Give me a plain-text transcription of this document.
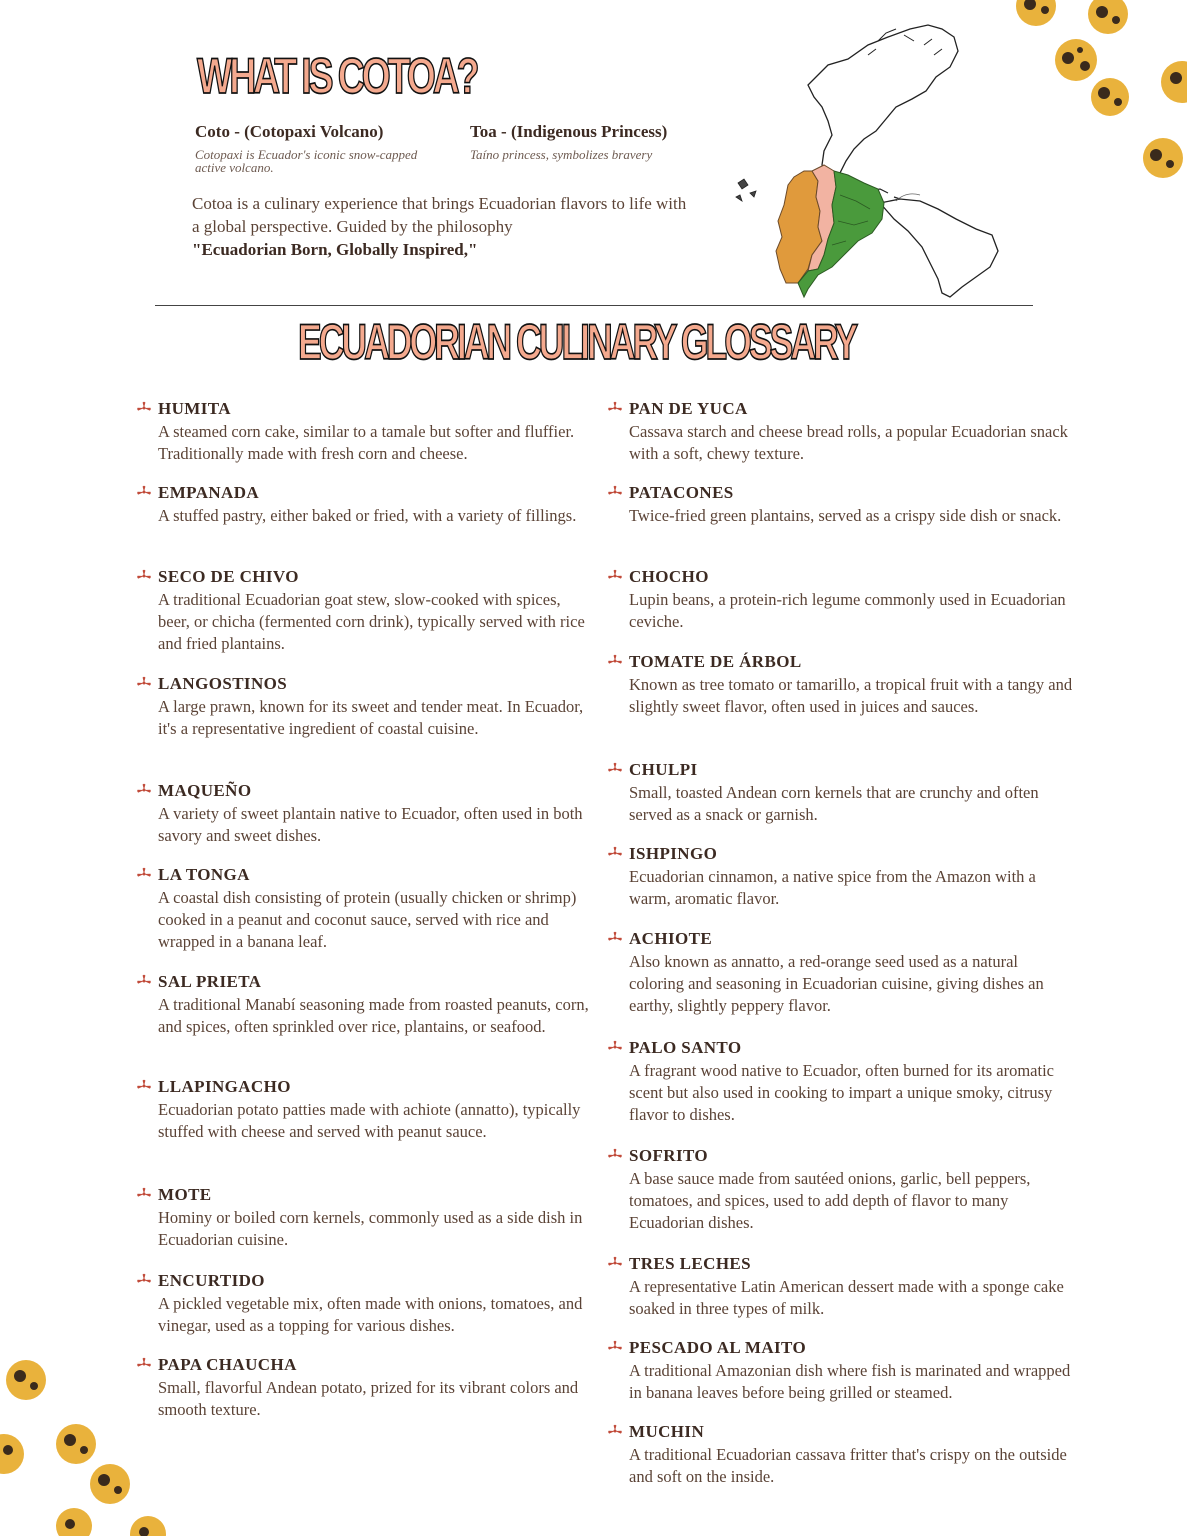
WHAT IS COTOA?
Coto - (Cotopaxi Volcano)
Cotopaxi is Ecuador's iconic snow-capped active volcano.
Toa - (Indigenous Princess)
Taíno princess, symbolizes bravery
Cotoa is a culinary experience that brings Ecuadorian flavors to life with a global perspective. Guided by the philosophy
"Ecuadorian Born, Globally Inspired,"
ECUADORIAN CULINARY GLOSSARY
HUMITA
A steamed corn cake, similar to a tamale but softer and fluffier. Traditionally made with fresh corn and cheese.
EMPANADA
A stuffed pastry, either baked or fried, with a variety of fillings.
SECO DE CHIVO
A traditional Ecuadorian goat stew, slow-cooked with spices, beer, or chicha (fermented corn drink), typically served with rice and fried plantains.
LANGOSTINOS
A large prawn, known for its sweet and tender meat. In Ecuador, it's a representative ingredient of coastal cuisine.
MAQUEÑO
A variety of sweet plantain native to Ecuador, often used in both savory and sweet dishes.
LA TONGA
A coastal dish consisting of protein (usually chicken or shrimp) cooked in a peanut and coconut sauce, served with rice and wrapped in a banana leaf.
SAL PRIETA
A traditional Manabí seasoning made from roasted peanuts, corn, and spices, often sprinkled over rice, plantains, or seafood.
LLAPINGACHO
Ecuadorian potato patties made with achiote (annatto), typically stuffed with cheese and served with peanut sauce.
MOTE
Hominy or boiled corn kernels, commonly used as a side dish in Ecuadorian cuisine.
ENCURTIDO
A pickled vegetable mix, often made with onions, tomatoes, and vinegar, used as a topping for various dishes.
PAPA CHAUCHA
Small, flavorful Andean potato, prized for its vibrant colors and smooth texture.
PAN DE YUCA
Cassava starch and cheese bread rolls, a popular Ecuadorian snack with a soft, chewy texture.
PATACONES
Twice-fried green plantains, served as a crispy side dish or snack.
CHOCHO
Lupin beans, a protein-rich legume commonly used in Ecuadorian ceviche.
TOMATE DE ÁRBOL
Known as tree tomato or tamarillo, a tropical fruit with a tangy and slightly sweet flavor, often used in juices and sauces.
CHULPI
Small, toasted Andean corn kernels that are crunchy and often served as a snack or garnish.
ISHPINGO
Ecuadorian cinnamon, a native spice from the Amazon with a warm, aromatic flavor.
ACHIOTE
Also known as annatto, a red-orange seed used as a natural coloring and seasoning in Ecuadorian cuisine, giving dishes an earthy, slightly peppery flavor.
PALO SANTO
A fragrant wood native to Ecuador, often burned for its aromatic scent but also used in cooking to impart a unique smoky, citrusy flavor to dishes.
SOFRITO
A base sauce made from sautéed onions, garlic, bell peppers, tomatoes, and spices, used to add depth of flavor to many Ecuadorian dishes.
TRES LECHES
A representative Latin American dessert made with a sponge cake soaked in three types of milk.
PESCADO AL MAITO
A traditional Amazonian dish where fish is marinated and wrapped in banana leaves before being grilled or steamed.
MUCHIN
A traditional Ecuadorian cassava fritter that's crispy on the outside and soft on the inside.
